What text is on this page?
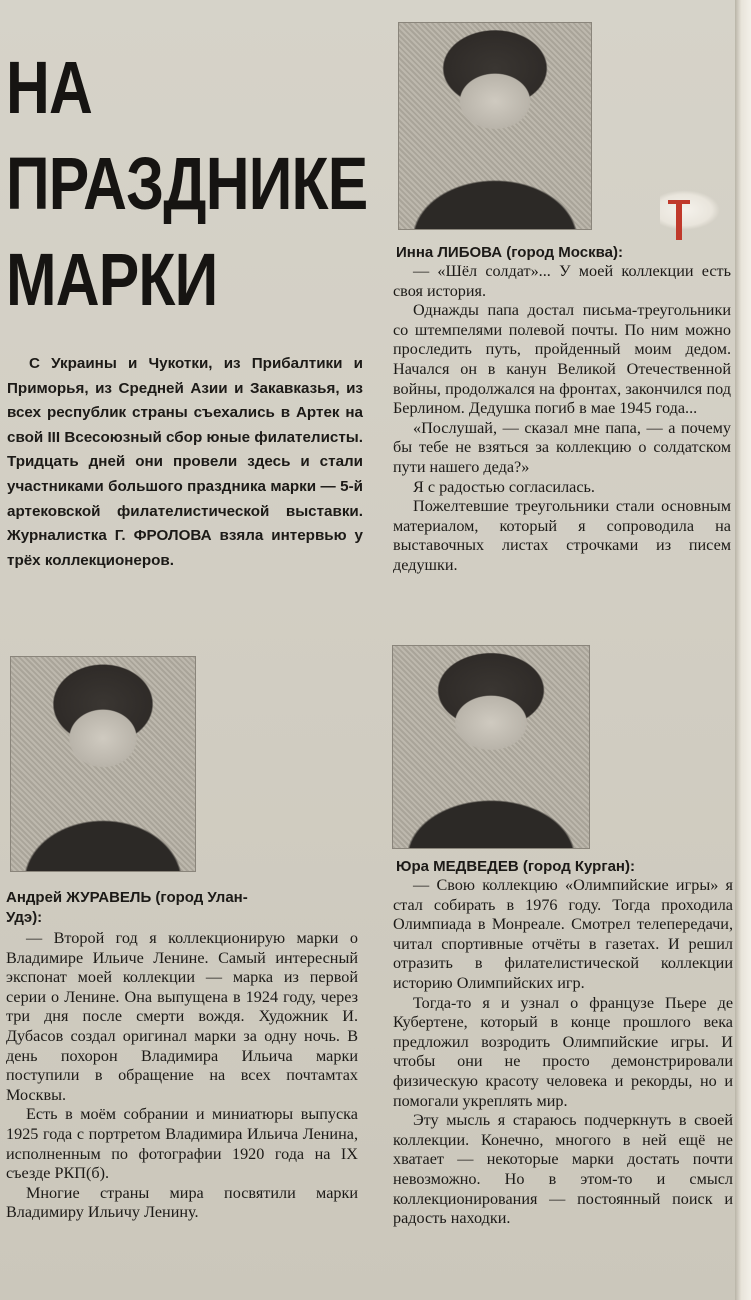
НА
ПРАЗДНИКЕ
МАРКИ

С Украины и Чукотки, из Прибалтики и Приморья, из Средней Азии и Закавказья, из всех республик страны съехались в Артек на свой III Всесоюзный сбор юные филателисты. Тридцать дней они провели здесь и стали участниками большого праздника марки — 5-й артековской филателистической выставки. Журналистка Г. ФРОЛОВА взяла интервью у трёх коллекционеров.

Инна ЛИБОВА (город Москва):

— «Шёл солдат»... У моей коллекции есть своя история.

Однажды папа достал письма-треугольники со штемпелями полевой почты. По ним можно проследить путь, пройденный моим дедом. Начался он в канун Великой Отечественной войны, продолжался на фронтах, закончился под Берлином. Дедушка погиб в мае 1945 года...

«Послушай, — сказал мне папа, — а почему бы тебе не взяться за коллекцию о солдатском пути нашего деда?»

Я с радостью согласилась.

Пожелтевшие треугольники стали основным материалом, который я сопроводила на выставочных листах строчками из писем дедушки.

Андрей ЖУРАВЕЛЬ (город Улан-
Удэ):

— Второй год я коллекционирую марки о Владимире Ильиче Ленине. Самый интересный экспонат моей коллекции — марка из первой серии о Ленине. Она выпущена в 1924 году, через три дня после смерти вождя. Художник И. Дубасов создал оригинал марки за одну ночь. В день похорон Владимира Ильича марки поступили в обращение на всех почтамтах Москвы.

Есть в моём собрании и миниатюры выпуска 1925 года с портретом Владимира Ильича Ленина, исполненным по фотографии 1920 года на IX съезде РКП(б).

Многие страны мира посвятили марки Владимиру Ильичу Ленину.

Юра МЕДВЕДЕВ (город Курган):

— Свою коллекцию «Олимпийские игры» я стал собирать в 1976 году. Тогда проходила Олимпиада в Монреале. Смотрел телепередачи, читал спортивные отчёты в газетах. И решил отразить в филателистической коллекции историю Олимпийских игр.

Тогда-то я и узнал о французе Пьере де Кубертене, который в конце прошлого века предложил возродить Олимпийские игры. И чтобы они не просто демонстрировали физическую красоту человека и рекорды, но и помогали укреплять мир.

Эту мысль я стараюсь подчеркнуть в своей коллекции. Конечно, многого в ней ещё не хватает — некоторые марки достать почти невозможно. Но в этом-то и смысл коллекционирования — постоянный поиск и радость находки.
